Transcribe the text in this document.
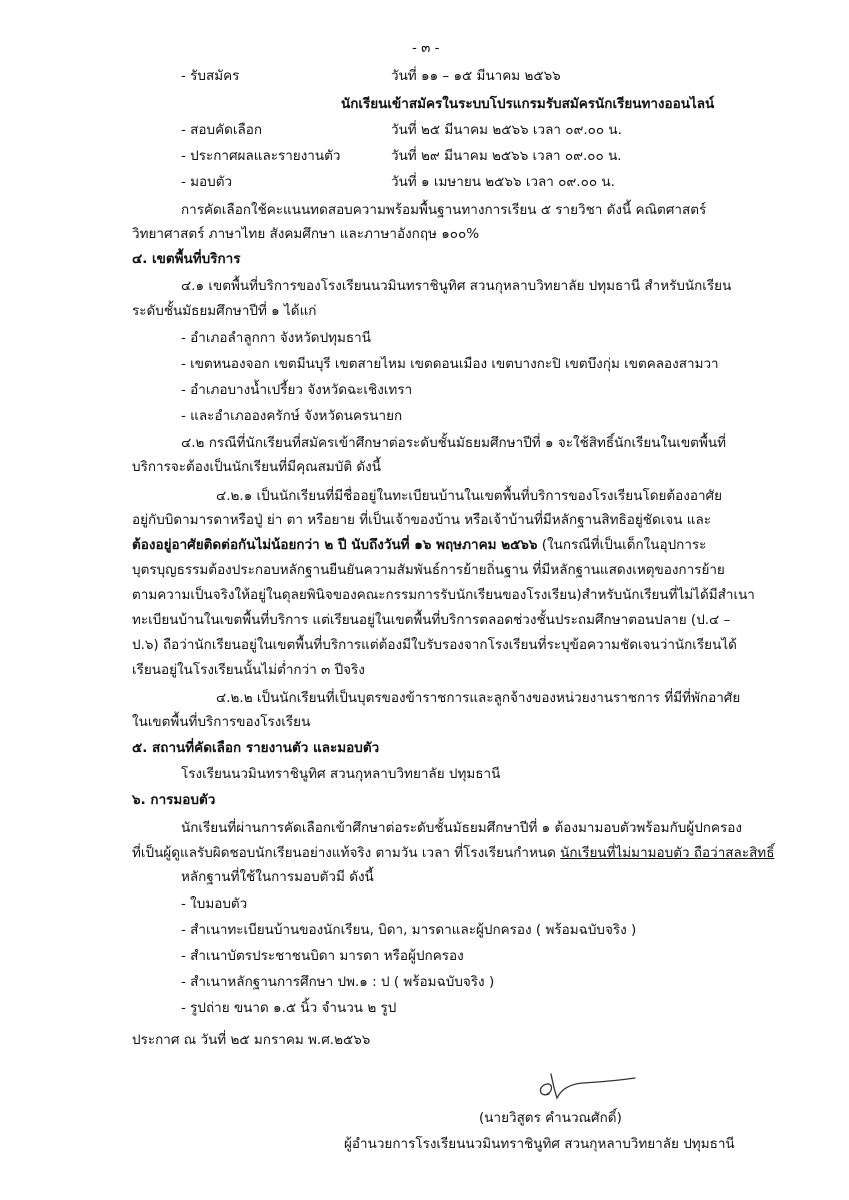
- ๓ -
- รับสมัคร	วันที่ ๑๑ – ๑๕ มีนาคม ๒๕๖๖
นักเรียนเข้าสมัครในระบบโปรแกรมรับสมัครนักเรียนทางออนไลน์
- สอบคัดเลือก	วันที่ ๒๕ มีนาคม ๒๕๖๖ เวลา ๐๙.๐๐ น.
- ประกาศผลและรายงานตัว	วันที่ ๒๙ มีนาคม ๒๕๖๖ เวลา ๐๙.๐๐ น.
- มอบตัว	วันที่ ๑ เมษายน ๒๕๖๖ เวลา ๐๙.๐๐ น.
การคัดเลือกใช้คะแนนทดสอบความพร้อมพื้นฐานทางการเรียน ๕ รายวิชา ดังนี้ คณิตศาสตร์
วิทยาศาสตร์ ภาษาไทย สังคมศึกษา และภาษาอังกฤษ ๑๐๐%
๔. เขตพื้นที่บริการ
๔.๑ เขตพื้นที่บริการของโรงเรียนนวมินทราชินูทิศ สวนกุหลาบวิทยาลัย ปทุมธานี สำหรับนักเรียน
ระดับชั้นมัธยมศึกษาปีที่ ๑ ได้แก่
- อำเภอลำลูกกา จังหวัดปทุมธานี
- เขตหนองจอก เขตมีนบุรี เขตสายไหม เขตดอนเมือง เขตบางกะปิ เขตบึงกุ่ม เขตคลองสามวา
- อำเภอบางน้ำเปรี้ยว จังหวัดฉะเชิงเทรา
- และอำเภอองครักษ์ จังหวัดนครนายก
๔.๒ กรณีที่นักเรียนที่สมัครเข้าศึกษาต่อระดับชั้นมัธยมศึกษาปีที่ ๑ จะใช้สิทธิ์นักเรียนในเขตพื้นที่
บริการจะต้องเป็นนักเรียนที่มีคุณสมบัติ ดังนี้
๔.๒.๑ เป็นนักเรียนที่มีชื่ออยู่ในทะเบียนบ้านในเขตพื้นที่บริการของโรงเรียนโดยต้องอาศัย
อยู่กับบิดามารดาหรือปู่ ย่า ตา หรือยาย ที่เป็นเจ้าของบ้าน หรือเจ้าบ้านที่มีหลักฐานสิทธิอยู่ชัดเจน และ
ต้องอยู่อาศัยติดต่อกันไม่น้อยกว่า ๒ ปี นับถึงวันที่ ๑๖ พฤษภาคม ๒๕๖๖ (ในกรณีที่เป็นเด็กในอุปการะ
บุตรบุญธรรมต้องประกอบหลักฐานยืนยันความสัมพันธ์การย้ายถิ่นฐาน ที่มีหลักฐานแสดงเหตุของการย้าย
ตามความเป็นจริงให้อยู่ในดุลยพินิจของคณะกรรมการรับนักเรียนของโรงเรียน)สำหรับนักเรียนที่ไม่ได้มีสำเนา
ทะเบียนบ้านในเขตพื้นที่บริการ แต่เรียนอยู่ในเขตพื้นที่บริการตลอดช่วงชั้นประถมศึกษาตอนปลาย (ป.๔ –
ป.๖) ถือว่านักเรียนอยู่ในเขตพื้นที่บริการแต่ต้องมีใบรับรองจากโรงเรียนที่ระบุข้อความชัดเจนว่านักเรียนได้
เรียนอยู่ในโรงเรียนนั้นไม่ต่ำกว่า ๓ ปีจริง
๔.๒.๒ เป็นนักเรียนที่เป็นบุตรของข้าราชการและลูกจ้างของหน่วยงานราชการ ที่มีที่พักอาศัย
ในเขตพื้นที่บริการของโรงเรียน
๕. สถานที่คัดเลือก รายงานตัว และมอบตัว
โรงเรียนนวมินทราชินูทิศ สวนกุหลาบวิทยาลัย ปทุมธานี
๖. การมอบตัว
นักเรียนที่ผ่านการคัดเลือกเข้าศึกษาต่อระดับชั้นมัธยมศึกษาปีที่ ๑ ต้องมามอบตัวพร้อมกับผู้ปกครอง
ที่เป็นผู้ดูแลรับผิดชอบนักเรียนอย่างแท้จริง ตามวัน เวลา ที่โรงเรียนกำหนด นักเรียนที่ไม่มามอบตัว ถือว่าสละสิทธิ์
หลักฐานที่ใช้ในการมอบตัวมี ดังนี้
- ใบมอบตัว
- สำเนาทะเบียนบ้านของนักเรียน, บิดา, มารดาและผู้ปกครอง ( พร้อมฉบับจริง )
- สำเนาบัตรประชาชนบิดา มารดา หรือผู้ปกครอง
- สำเนาหลักฐานการศึกษา ปพ.๑ : ป ( พร้อมฉบับจริง )
- รูปถ่าย ขนาด ๑.๕ นิ้ว จำนวน ๒ รูป
ประกาศ ณ วันที่ ๒๕ มกราคม พ.ศ.๒๕๖๖
(นายวิสูตร คำนวณศักดิ์)
ผู้อำนวยการโรงเรียนนวมินทราชินูทิศ สวนกุหลาบวิทยาลัย ปทุมธานี
